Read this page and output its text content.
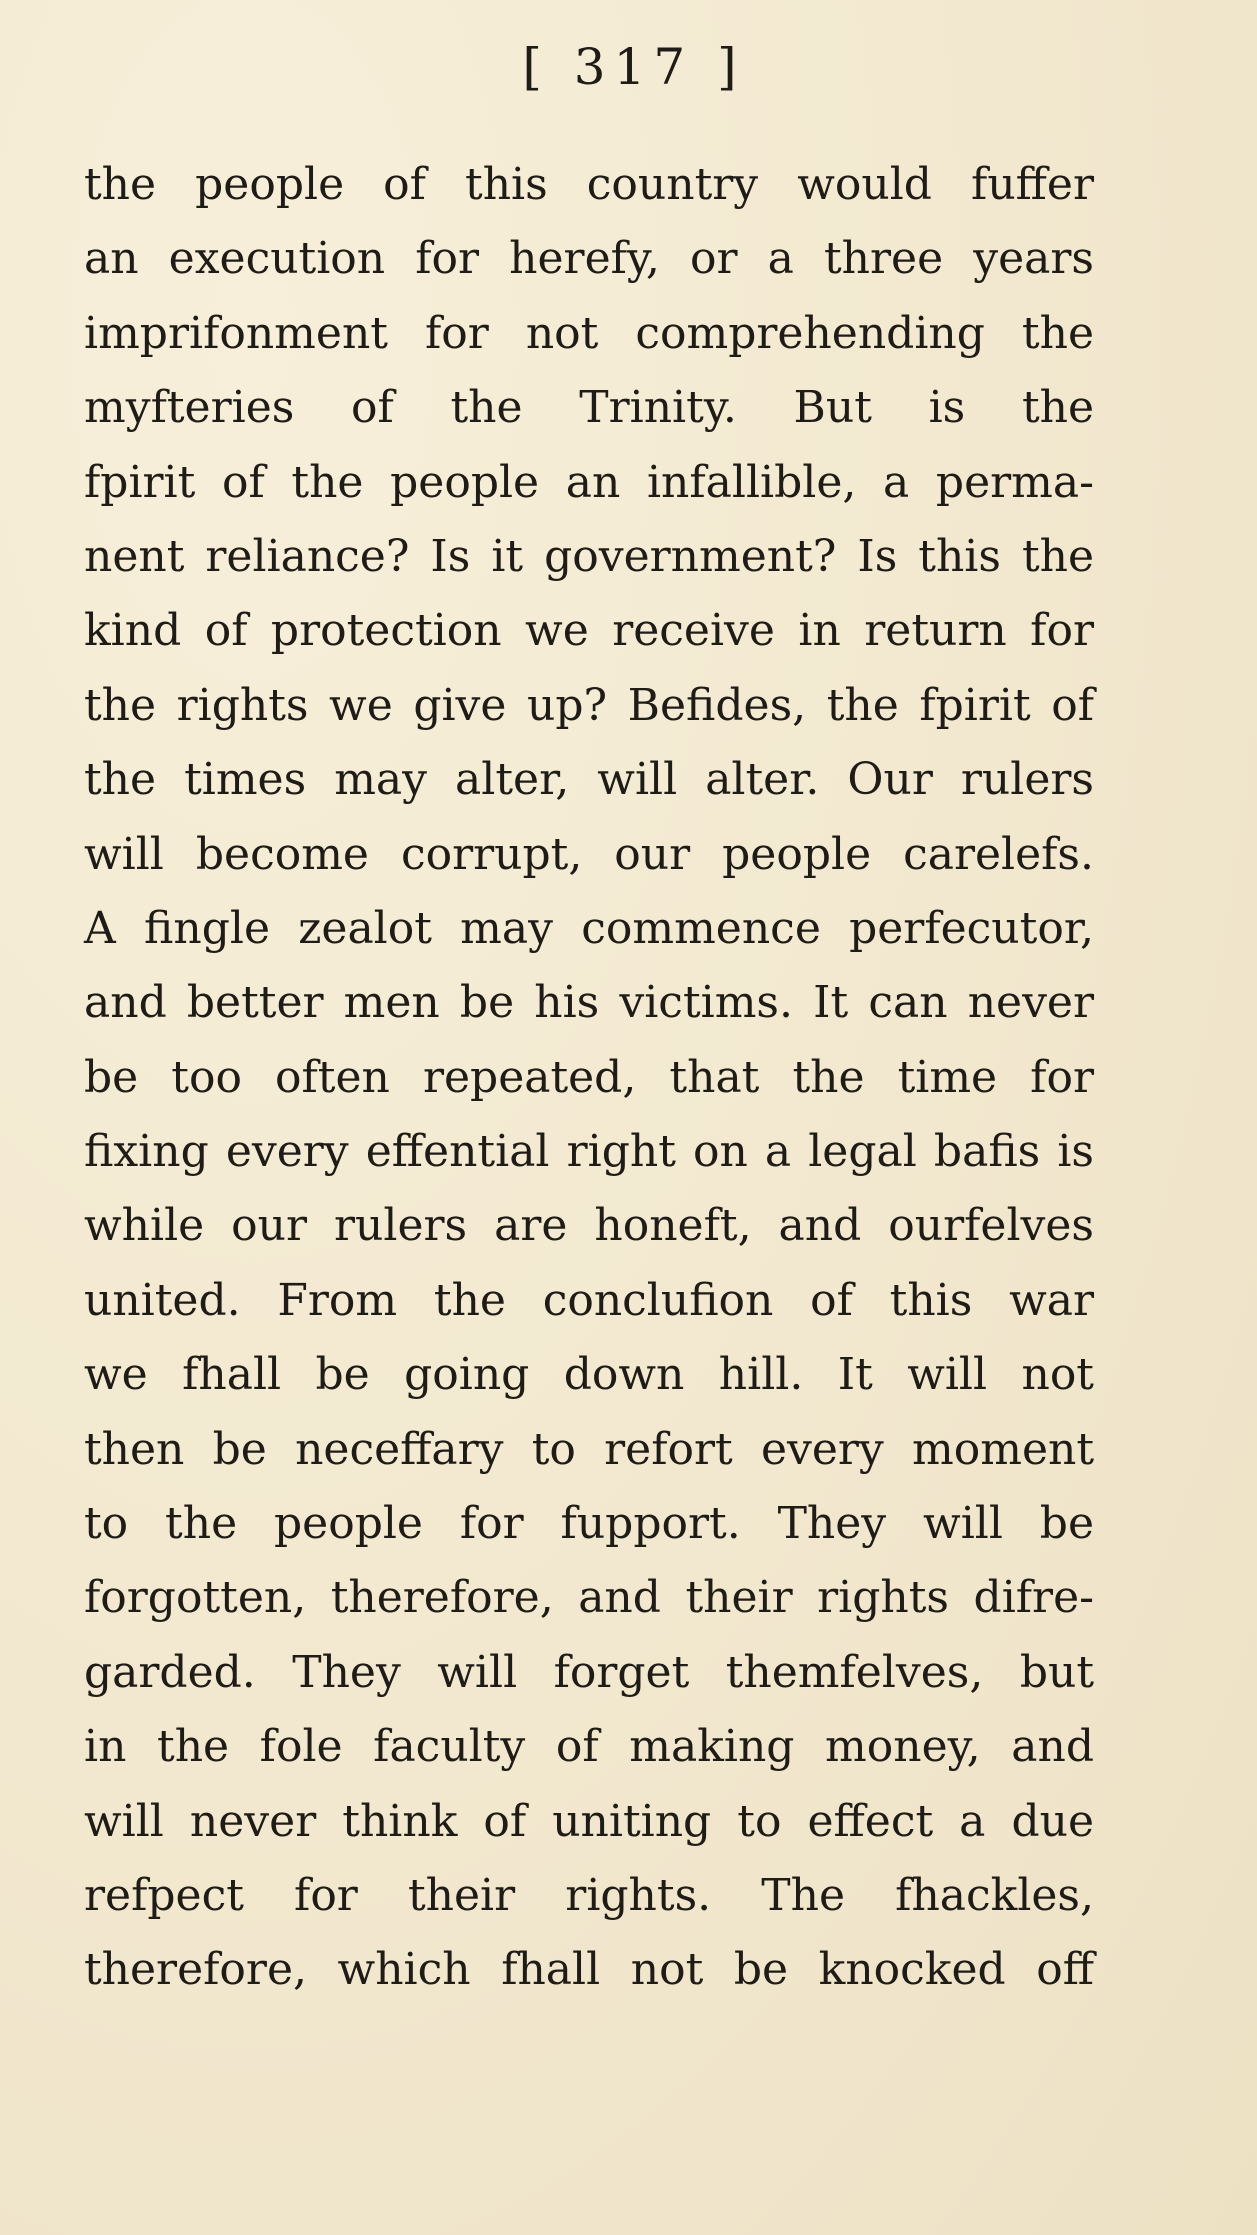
[ 317 ]
the people of this country would fuffer
an execution for herefy, or a three years
imprifonment for not comprehending the
myfteries of the Trinity. But is the
fpirit of the people an infallible, a perma-
nent reliance? Is it government? Is this the
kind of protection we receive in return for
the rights we give up? Befides, the fpirit of
the times may alter, will alter. Our rulers
will become corrupt, our people carelefs.
A fingle zealot may commence perfecutor,
and better men be his victims. It can never
be too often repeated, that the time for
fixing every effential right on a legal bafis is
while our rulers are honeft, and ourfelves
united. From the conclufion of this war
we fhall be going down hill. It will not
then be neceffary to refort every moment
to the people for fupport. They will be
forgotten, therefore, and their rights difre-
garded. They will forget themfelves, but
in the fole faculty of making money, and
will never think of uniting to effect a due
refpect for their rights. The fhackles,
therefore, which fhall not be knocked off
